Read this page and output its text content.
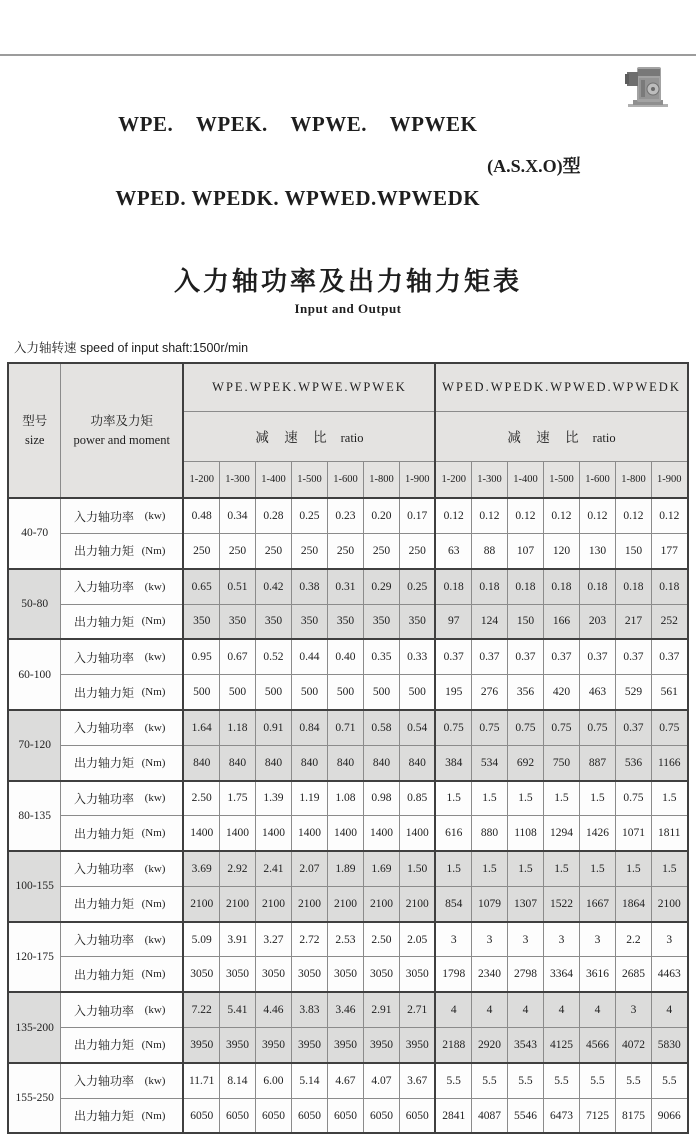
WPE.    WPEK.    WPWE.    WPWEK

WPED. WPEDK. WPWED.WPWEDK

(A.S.X.O)型
入力轴功率及出力轴力矩表
Input and Output
入力轴转速 speed of input shaft:1500r/min
型号
size

功率及力矩
power and moment
	WPE.WPEK.WPWE.WPWEK	WPED.WPEDK.WPWED.WPWEDK
		减 速 比 ratio							减 速 比 ratio						
		1-200	1-300	1-400	1-500	1-600	1-800	1-900	1-200	1-300	1-400	1-500	1-600	1-800	1-900
40-70	入力轴功率 (kw)	0.48	0.34	0.28	0.25	0.23	0.20	0.17	0.12	0.12	0.12	0.12	0.12	0.12	0.12

	出力轴力矩 (Nm)	250	250	250	250	250	250	250	63	88	107	120	130	150	177
50-80	入力轴功率 (kw)	0.65	0.51	0.42	0.38	0.31	0.29	0.25	0.18	0.18	0.18	0.18	0.18	0.18	0.18

	出力轴力矩 (Nm)	350	350	350	350	350	350	350	97	124	150	166	203	217	252
60-100	入力轴功率 (kw)	0.95	0.67	0.52	0.44	0.40	0.35	0.33	0.37	0.37	0.37	0.37	0.37	0.37	0.37

	出力轴力矩 (Nm)	500	500	500	500	500	500	500	195	276	356	420	463	529	561
70-120	入力轴功率 (kw)	1.64	1.18	0.91	0.84	0.71	0.58	0.54	0.75	0.75	0.75	0.75	0.75	0.37	0.75

	出力轴力矩 (Nm)	840	840	840	840	840	840	840	384	534	692	750	887	536	1166
80-135	入力轴功率 (kw)	2.50	1.75	1.39	1.19	1.08	0.98	0.85	1.5	1.5	1.5	1.5	1.5	0.75	1.5

	出力轴力矩 (Nm)	1400	1400	1400	1400	1400	1400	1400	616	880	1108	1294	1426	1071	1811
100-155	入力轴功率 (kw)	3.69	2.92	2.41	2.07	1.89	1.69	1.50	1.5	1.5	1.5	1.5	1.5	1.5	1.5

	出力轴力矩 (Nm)	2100	2100	2100	2100	2100	2100	2100	854	1079	1307	1522	1667	1864	2100
120-175	入力轴功率 (kw)	5.09	3.91	3.27	2.72	2.53	2.50	2.05	3	3	3	3	3	2.2	3

	出力轴力矩 (Nm)	3050	3050	3050	3050	3050	3050	3050	1798	2340	2798	3364	3616	2685	4463
135-200	入力轴功率 (kw)	7.22	5.41	4.46	3.83	3.46	2.91	2.71	4	4	4	4	4	3	4

	出力轴力矩 (Nm)	3950	3950	3950	3950	3950	3950	3950	2188	2920	3543	4125	4566	4072	5830
155-250	入力轴功率 (kw)	11.71	8.14	6.00	5.14	4.67	4.07	3.67	5.5	5.5	5.5	5.5	5.5	5.5	5.5

	出力轴力矩 (Nm)	6050	6050	6050	6050	6050	6050	6050	2841	4087	5546	6473	7125	8175	9066
